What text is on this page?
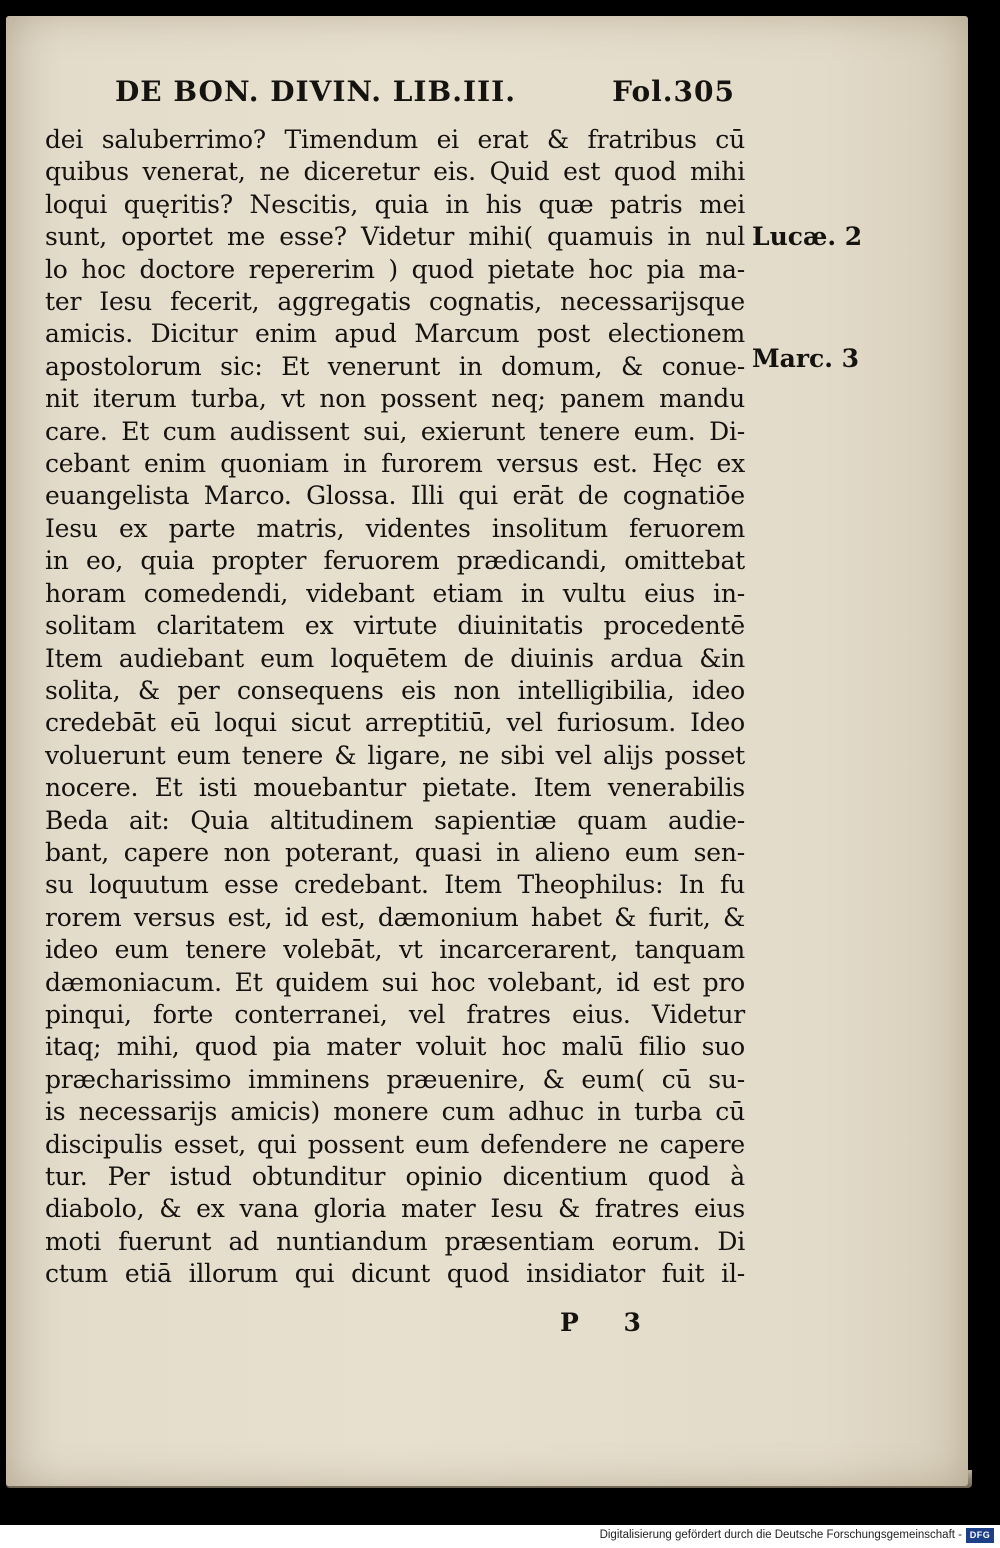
DE BON. DIVIN. LIB.III.	Fol.305
dei saluberrimo? Timendum ei erat & fratribus cū
quibus venerat, ne diceretur eis. Quid est quod mihi
loqui quęritis? Nescitis, quia in his quæ patris mei
sunt, oportet me esse? Videtur mihi( quamuis in nul
lo hoc doctore repererim ) quod pietate hoc pia ma-
ter Iesu fecerit, aggregatis cognatis, necessarijsque
amicis. Dicitur enim apud Marcum post electionem
apostolorum sic: Et venerunt in domum, & conue-
nit iterum turba, vt non possent neq; panem mandu
care. Et cum audissent sui, exierunt tenere eum. Di-
cebant enim quoniam in furorem versus est. Hęc ex
euangelista Marco. Glossa. Illi qui erāt de cognatiōe
Iesu ex parte matris, videntes insolitum feruorem
in eo, quia propter feruorem prædicandi, omittebat
horam comedendi, videbant etiam in vultu eius in-
solitam claritatem ex virtute diuinitatis procedentē
Item audiebant eum loquētem de diuinis ardua &in
solita, & per consequens eis non intelligibilia, ideo
credebāt eū loqui sicut arreptitiū, vel furiosum. Ideo
voluerunt eum tenere & ligare, ne sibi vel alijs posset
nocere. Et isti mouebantur pietate. Item venerabilis
Beda ait: Quia altitudinem sapientiæ quam audie-
bant, capere non poterant, quasi in alieno eum sen-
su loquutum esse credebant. Item Theophilus: In fu
rorem versus est, id est, dæmonium habet & furit, &
ideo eum tenere volebāt, vt incarcerarent, tanquam
dæmoniacum. Et quidem sui hoc volebant, id est pro
pinqui, forte conterranei, vel fratres eius. Videtur
itaq; mihi, quod pia mater voluit hoc malū filio suo
præcharissimo imminens præuenire, & eum( cū su-
is necessarijs amicis) monere cum adhuc in turba cū
discipulis esset, qui possent eum defendere ne capere
tur. Per istud obtunditur opinio dicentium quod à
diabolo, & ex vana gloria mater Iesu & fratres eius
moti fuerunt ad nuntiandum præsentiam eorum. Di
ctum etiā illorum qui dicunt quod insidiator fuit il-
Lucæ. 2
Marc. 3
P 3
Digitalisierung gefördert durch die Deutsche Forschungsgemeinschaft - DFG
